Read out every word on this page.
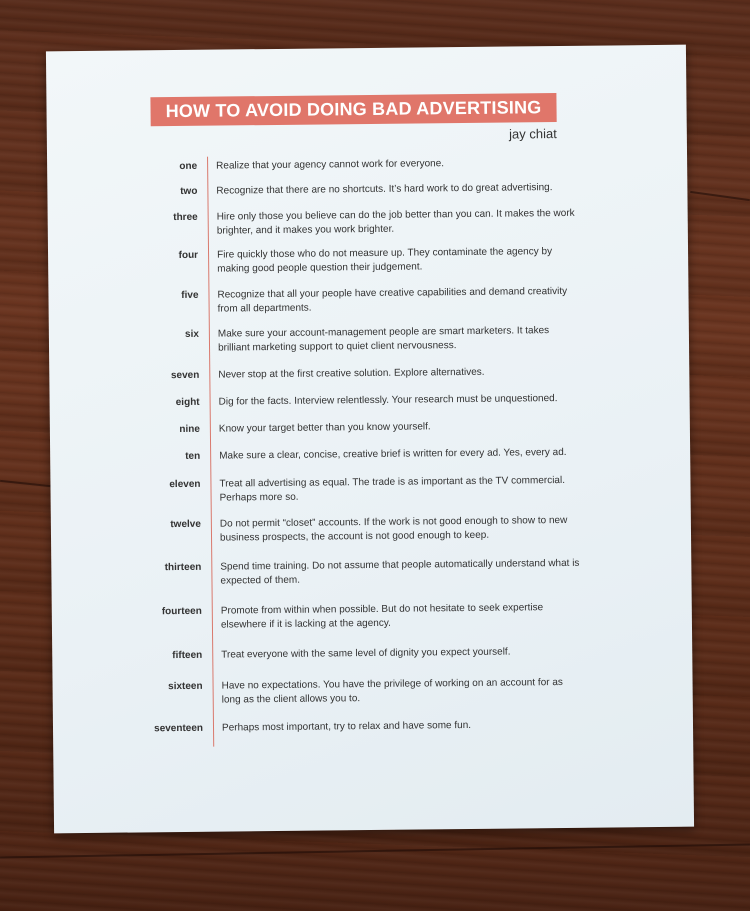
HOW TO AVOID DOING BAD ADVERTISING
jay chiat
one Realize that your agency cannot work for everyone.
two Recognize that there are no shortcuts. It’s hard work to do great advertising.
three Hire only those you believe can do the job better than you can. It makes the work brighter, and it makes you work brighter.
four Fire quickly those who do not measure up. They contaminate the agency by making good people question their judgement.
five Recognize that all your people have creative capabilities and demand creativity from all departments.
six Make sure your account-management people are smart marketers. It takes brilliant marketing support to quiet client nervousness.
seven Never stop at the first creative solution. Explore alternatives.
eight Dig for the facts. Interview relentlessly. Your research must be unquestioned.
nine Know your target better than you know yourself.
ten Make sure a clear, concise, creative brief is written for every ad. Yes, every ad.
eleven Treat all advertising as equal. The trade is as important as the TV commercial. Perhaps more so.
twelve Do not permit “closet” accounts. If the work is not good enough to show to new business prospects, the account is not good enough to keep.
thirteen Spend time training. Do not assume that people automatically understand what is expected of them.
fourteen Promote from within when possible. But do not hesitate to seek expertise elsewhere if it is lacking at the agency.
fifteen Treat everyone with the same level of dignity you expect yourself.
sixteen Have no expectations. You have the privilege of working on an account for as long as the client allows you to.
seventeen Perhaps most important, try to relax and have some fun.
